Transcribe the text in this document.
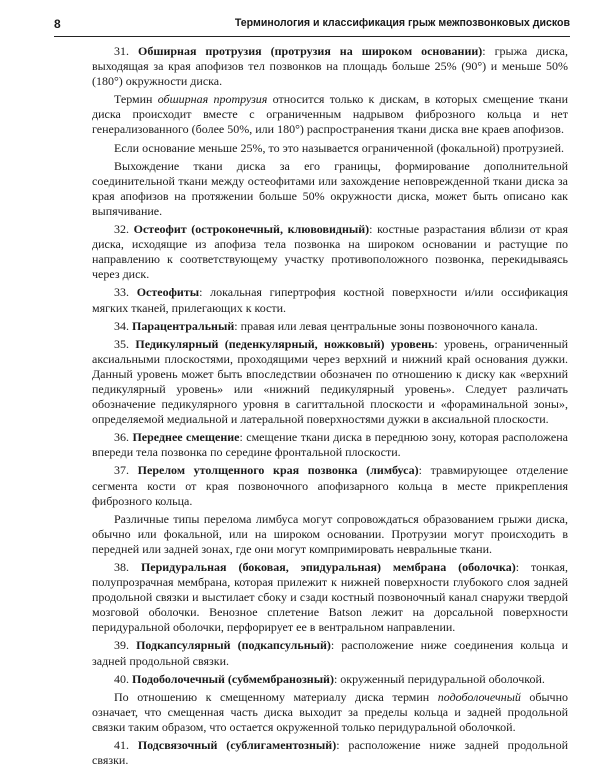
8	Терминология и классификация грыж межпозвонковых дисков

31. Обширная протрузия (протрузия на широком основании): грыжа диска, выходящая за края апофизов тел позвонков на площадь больше 25% (90°) и меньше 50% (180°) окружности диска.

Термин обширная протрузия относится только к дискам, в которых смещение ткани диска происходит вместе с ограниченным надрывом фиброзного кольца и нет генерализованного (более 50%, или 180°) распространения ткани диска вне краев апофизов.

Если основание меньше 25%, то это называется ограниченной (фокальной) протрузией.

Выхождение ткани диска за его границы, формирование дополнительной соединительной ткани между остеофитами или захождение неповрежденной ткани диска за края апофизов на протяжении больше 50% окружности диска, может быть описано как выпячивание.

32. Остеофит (остроконечный, клювовидный): костные разрастания вблизи от края диска, исходящие из апофиза тела позвонка на широком основании и растущие по направлению к соответствующему участку противоположного позвонка, перекидываясь через диск.

33. Остеофиты: локальная гипертрофия костной поверхности и/или оссификация мягких тканей, прилегающих к кости.

34. Парацентральный: правая или левая центральные зоны позвоночного канала.

35. Педикулярный (педенкулярный, ножковый) уровень: уровень, ограниченный аксиальными плоскостями, проходящими через верхний и нижний край основания дужки. Данный уровень может быть впоследствии обозначен по отношению к диску как «верхний педикулярный уровень» или «нижний педикулярный уровень». Следует различать обозначение педикулярного уровня в сагиттальной плоскости и «фораминальной зоны», определяемой медиальной и латеральной поверхностями дужки в аксиальной плоскости.

36. Переднее смещение: смещение ткани диска в переднюю зону, которая расположена впереди тела позвонка по середине фронтальной плоскости.

37. Перелом утолщенного края позвонка (лимбуса): травмирующее отделение сегмента кости от края позвоночного апофизарного кольца в месте прикрепления фиброзного кольца.

Различные типы перелома лимбуса могут сопровождаться образованием грыжи диска, обычно или фокальной, или на широком основании. Протрузии могут происходить в передней или задней зонах, где они могут компримировать невральные ткани.

38. Перидуральная (боковая, эпидуральная) мембрана (оболочка): тонкая, полупрозрачная мембрана, которая прилежит к нижней поверхности глубокого слоя задней продольной связки и выстилает сбоку и сзади костный позвоночный канал снаружи твердой мозговой оболочки. Венозное сплетение Batson лежит на дорсальной поверхности перидуральной оболочки, перфорирует ее в вентральном направлении.

39. Подкапсулярный (подкапсульный): расположение ниже соединения кольца и задней продольной связки.

40. Подоболочечный (субмембранозный): окруженный перидуральной оболочкой.

По отношению к смещенному материалу диска термин подоболочечный обычно означает, что смещенная часть диска выходит за пределы кольца и задней продольной связки таким образом, что остается окруженной только перидуральной оболочкой.

41. Подсвязочный (сублигаментозный): расположение ниже задней продольной связки.
